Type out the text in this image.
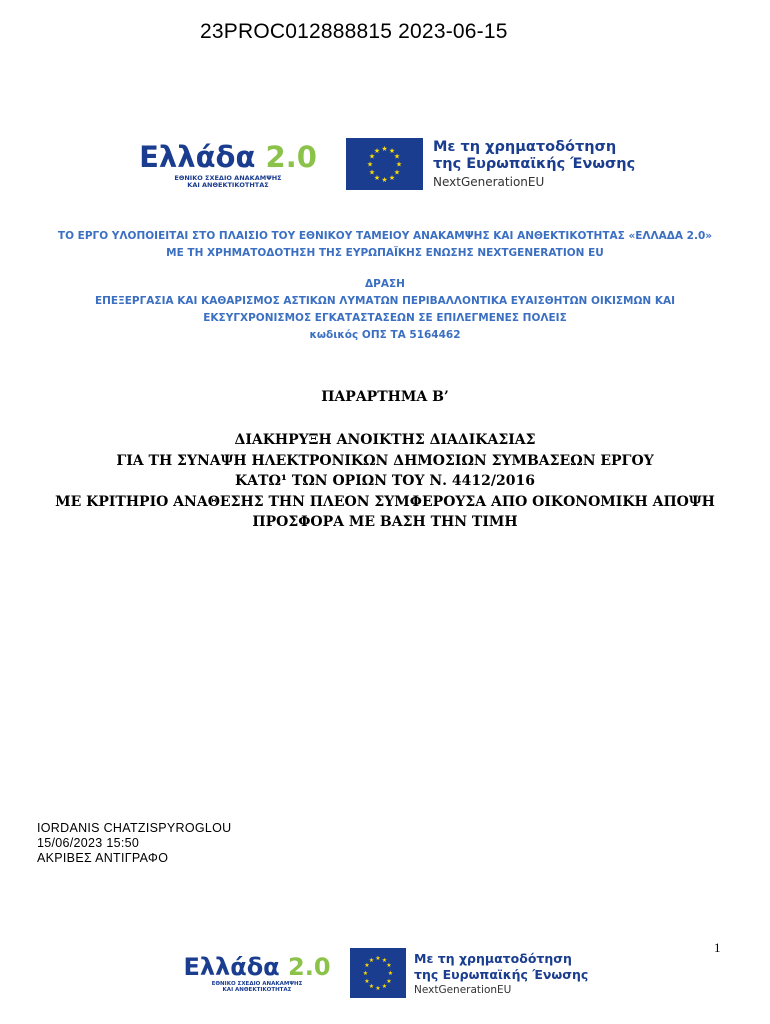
23PROC012888815 2023-06-15
Ελλάδα 2.0
ΕΘΝΙΚΟ ΣΧΕΔΙΟ ΑΝΑΚΑΜΨΗΣ
ΚΑΙ ΑΝΘΕΚΤΙΚΟΤΗΤΑΣ
★ ★
★
★
★
★
★
★
★
★
★
★	Με τη χρηματοδότηση
της Ευρωπαϊκής Ένωσης
NextGenerationEU
ΤΟ ΕΡΓΟ ΥΛΟΠΟΙΕΙΤΑΙ ΣΤΟ ΠΛΑΙΣΙΟ ΤΟΥ ΕΘΝΙΚΟΥ ΤΑΜΕΙΟΥ ΑΝΑΚΑΜΨΗΣ ΚΑΙ ΑΝΘΕΚΤΙΚΟΤΗΤΑΣ «ΕΛΛΑΔΑ 2.0»
ΜΕ ΤΗ ΧΡΗΜΑΤΟΔΟΤΗΣΗ ΤΗΣ ΕΥΡΩΠΑΪΚΗΣ ΕΝΩΣΗΣ NEXTGENERATION EU
ΔΡΑΣΗ
ΕΠΕΞΕΡΓΑΣΙΑ ΚΑΙ ΚΑΘΑΡΙΣΜΟΣ ΑΣΤΙΚΩΝ ΛΥΜΑΤΩΝ ΠΕΡΙΒΑΛΛΟΝΤΙΚΑ ΕΥΑΙΣΘΗΤΩΝ ΟΙΚΙΣΜΩΝ ΚΑΙ
ΕΚΣΥΓΧΡΟΝΙΣΜΟΣ ΕΓΚΑΤΑΣΤΑΣΕΩΝ ΣΕ ΕΠΙΛΕΓΜΕΝΕΣ ΠΟΛΕΙΣ
κωδικός ΟΠΣ ΤΑ 5164462
ΠΑΡΑΡΤΗΜΑ Β’
ΔΙΑΚΗΡΥΞΗ ΑΝΟΙΚΤΗΣ ΔΙΑΔΙΚΑΣΙΑΣ
ΓΙΑ ΤΗ ΣΥΝΑΨΗ ΗΛΕΚΤΡΟΝΙΚΩΝ ΔΗΜΟΣΙΩΝ ΣΥΜΒΑΣΕΩΝ ΕΡΓΟΥ
ΚΑΤΩ¹ ΤΩΝ ΟΡΙΩΝ ΤΟΥ Ν. 4412/2016
ΜΕ ΚΡΙΤΗΡΙΟ ΑΝΑΘΕΣΗΣ ΤΗΝ ΠΛΕΟΝ ΣΥΜΦΕΡΟΥΣΑ ΑΠΟ ΟΙΚΟΝΟΜΙΚΗ ΑΠΟΨΗ
ΠΡΟΣΦΟΡΑ ΜΕ ΒΑΣΗ ΤΗΝ ΤΙΜΗ
IORDANIS CHATZISPYROGLOU
15/06/2023 15:50
ΑΚΡΙΒΕΣ ΑΝΤΙΓΡΑΦΟ
1
Ελλάδα 2.0
ΕΘΝΙΚΟ ΣΧΕΔΙΟ ΑΝΑΚΑΜΨΗΣ
ΚΑΙ ΑΝΘΕΚΤΙΚΟΤΗΤΑΣ
★ ★
★
★
★
★
★
★
★
★
★
★	Με τη χρηματοδότηση
της Ευρωπαϊκής Ένωσης
NextGenerationEU
